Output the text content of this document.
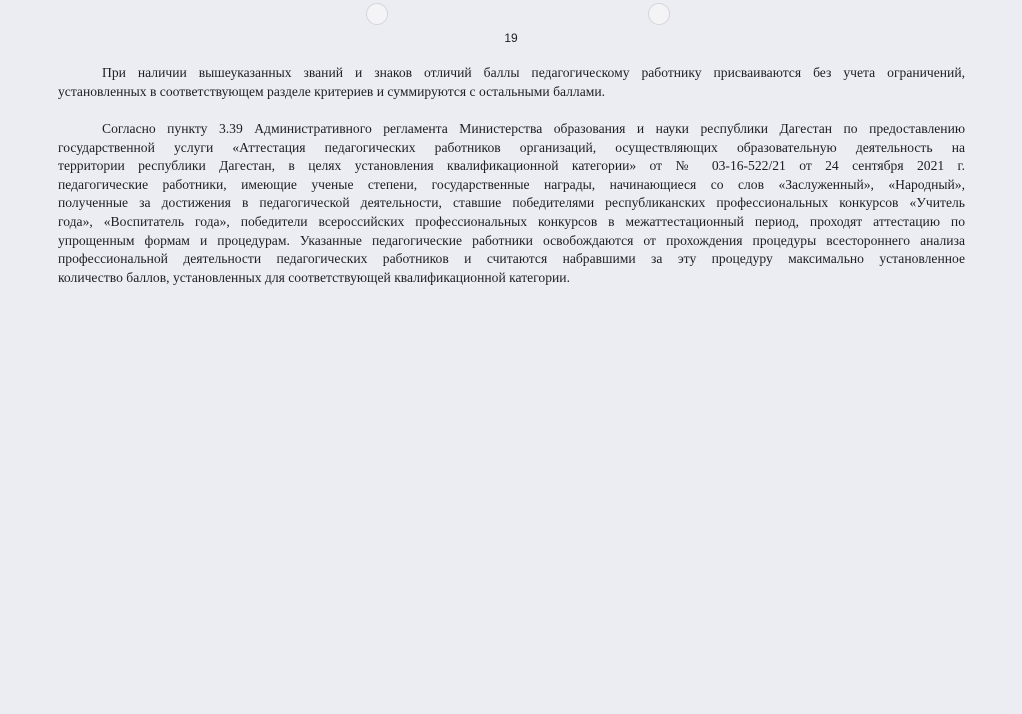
19
При наличии вышеуказанных званий и знаков отличий баллы педагогическому работнику присваиваются без учета ограничений,
установленных в соответствующем разделе критериев и суммируются с остальными баллами.
Согласно пункту 3.39 Административного регламента Министерства образования и науки республики Дагестан по предоставлению
государственной услуги «Аттестация педагогических работников организаций, осуществляющих образовательную деятельность на
территории республики Дагестан, в целях установления квалификационной категории» от № 03-16-522/21 от 24 сентября 2021 г.
педагогические работники, имеющие ученые степени, государственные награды, начинающиеся со слов «Заслуженный», «Народный»,
полученные за достижения в педагогической деятельности, ставшие победителями республиканских профессиональных конкурсов «Учитель
года», «Воспитатель года», победители всероссийских профессиональных конкурсов в межаттестационный период, проходят аттестацию по
упрощенным формам и процедурам. Указанные педагогические работники освобождаются от прохождения процедуры всестороннего анализа
профессиональной деятельности педагогических работников и считаются набравшими за эту процедуру максимально установленное
количество баллов, установленных для соответствующей квалификационной категории.
